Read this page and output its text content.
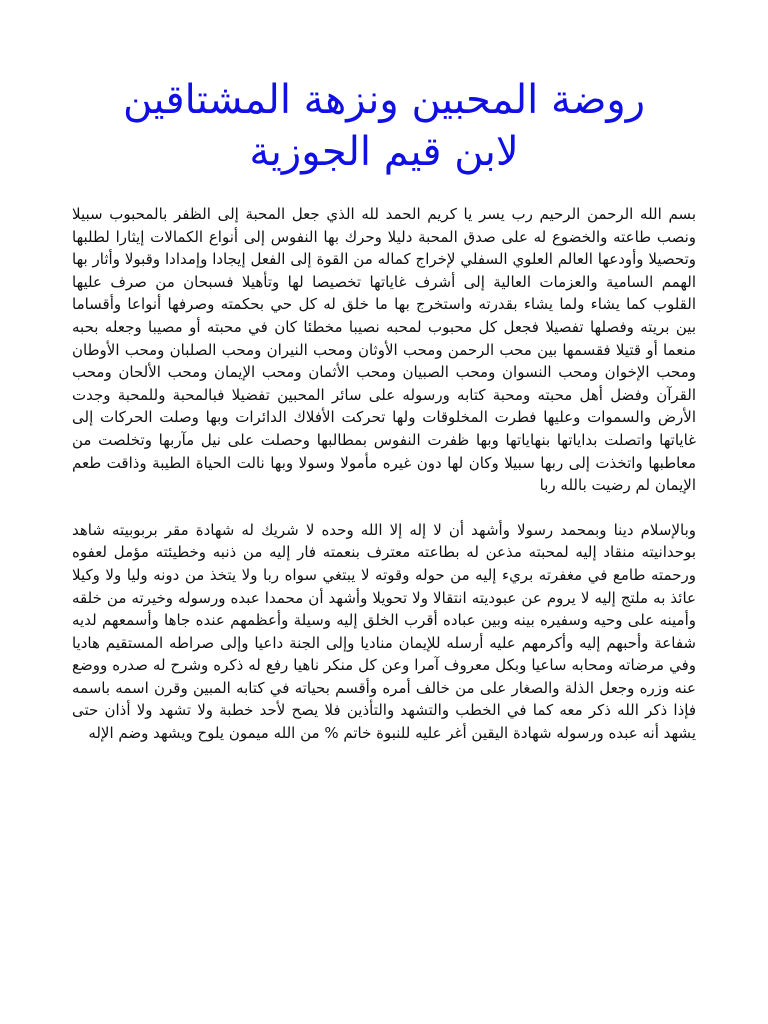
روضة المحبين ونزهة المشتاقين
لابن قيم الجوزية

بسم الله الرحمن الرحيم رب يسر يا كريم الحمد لله الذي جعل المحبة إلى الظفر بالمحبوب سبيلا ونصب طاعته والخضوع له على صدق المحبة دليلا وحرك بها النفوس إلى أنواع الكمالات إيثارا لطلبها وتحصيلا وأودعها العالم العلوي السفلي لإخراج كماله من القوة إلى الفعل إيجادا وإمدادا وقبولا وأثار بها الهمم السامية والعزمات العالية إلى أشرف غاياتها تخصيصا لها وتأهيلا فسبحان من صرف عليها القلوب كما يشاء ولما يشاء بقدرته واستخرج بها ما خلق له كل حي بحكمته وصرفها أنواعا وأقساما بين بريته وفصلها تفصيلا فجعل كل محبوب لمحبه نصيبا مخطئا كان في محبته أو مصيبا وجعله بحبه منعما أو قتيلا فقسمها بين محب الرحمن ومحب الأوثان ومحب النيران ومحب الصلبان ومحب الأوطان ومحب الإخوان ومحب النسوان ومحب الصبيان ومحب الأثمان ومحب الإيمان ومحب الألحان ومحب القرآن وفضل أهل محبته ومحبة كتابه ورسوله على سائر المحبين تفضيلا فبالمحبة وللمحبة وجدت الأرض والسموات وعليها فطرت المخلوقات ولها تحركت الأفلاك الدائرات وبها وصلت الحركات إلى غاياتها واتصلت بداياتها بنهاياتها وبها ظفرت النفوس بمطالبها وحصلت على نيل مآربها وتخلصت من معاطبها واتخذت إلى ربها سبيلا وكان لها دون غيره مأمولا وسولا وبها نالت الحياة الطيبة وذاقت طعم الإيمان لم رضيت بالله ربا

وبالإسلام دينا وبمحمد رسولا وأشهد أن لا إله إلا الله وحده لا شريك له شهادة مقر بربوبيته شاهد بوحدانيته منقاد إليه لمحبته مذعن له بطاعته معترف بنعمته فار إليه من ذنبه وخطيئته مؤمل لعفوه ورحمته طامع في مغفرته بريء إليه من حوله وقوته لا يبتغي سواه ربا ولا يتخذ من دونه وليا ولا وكيلا عائذ به ملتج إليه لا يروم عن عبوديته انتقالا ولا تحويلا وأشهد أن محمدا عبده ورسوله وخيرته من خلقه وأمينه على وحيه وسفيره بينه وبين عباده أقرب الخلق إليه وسيلة وأعظمهم عنده جاها وأسمعهم لديه شفاعة وأحبهم إليه وأكرمهم عليه أرسله للإيمان مناديا وإلى الجنة داعيا وإلى صراطه المستقيم هاديا وفي مرضاته ومحابه ساعيا وبكل معروف آمرا وعن كل منكر ناهيا رفع له ذكره وشرح له صدره ووضع عنه وزره وجعل الذلة والصغار على من خالف أمره وأقسم بحياته في كتابه المبين وقرن اسمه باسمه فإذا ذكر الله ذكر معه كما في الخطب والتشهد والتأذين فلا يصح لأحد خطبة ولا تشهد ولا أذان حتى يشهد أنه عبده ورسوله شهادة اليقين أغر عليه للنبوة خاتم % من الله ميمون يلوح ويشهد وضم الإله
